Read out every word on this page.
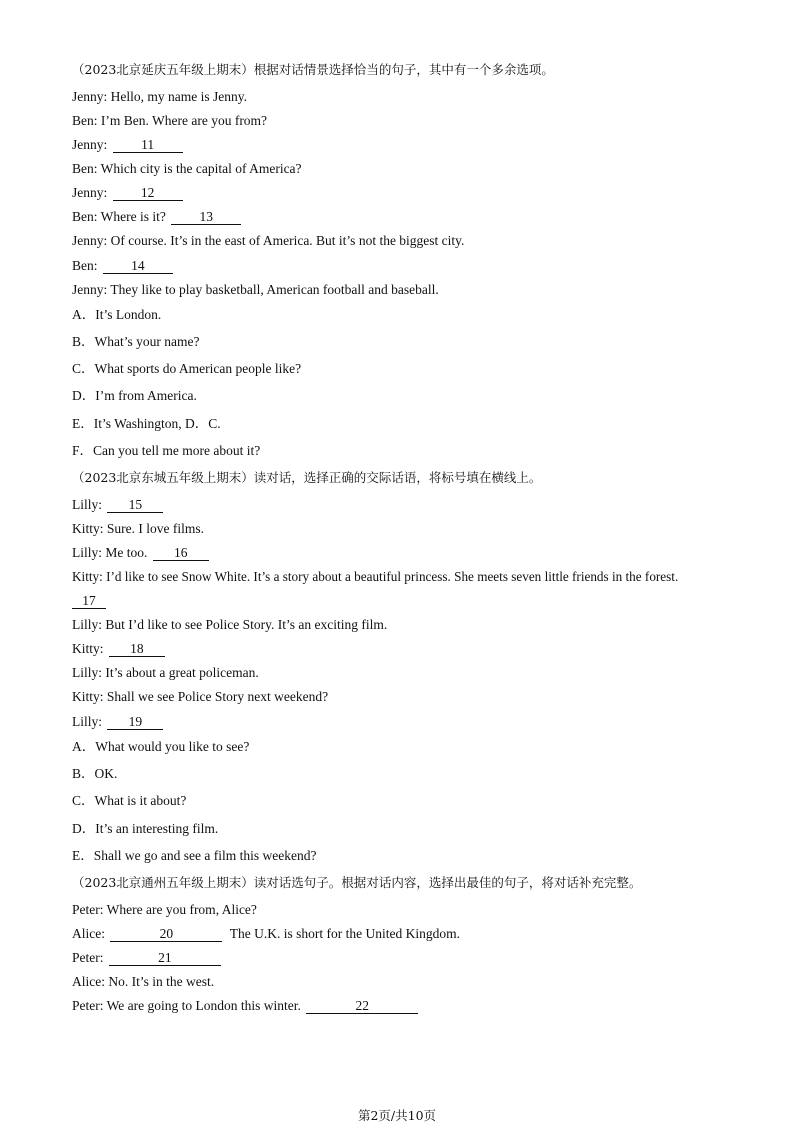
（2023北京延庆五年级上期末）根据对话情景选择恰当的句子，其中有一个多余选项。
Jenny: Hello, my name is Jenny.
Ben: I’m Ben. Where are you from?
Jenny:	11
Ben: Which city is the capital of America?
Jenny: 12
Ben: Where is it? 13
Jenny: Of course. It’s in the east of America. But it’s not the biggest city.
Ben: 14
Jenny: They like to play basketball, American football and baseball.
A．It’s London.
B．What’s your name?
C．What sports do American people like?
D．I’m from America.
E．It’s Washington, D．C.
F．Can you tell me more about it?
（2023北京东城五年级上期末）读对话，选择正确的交际话语，将标号填在横线上。
Lilly: 15
Kitty: Sure. I love films.
Lilly: Me too. 16
Kitty: I’d like to see Snow White. It’s a story about a beautiful princess. She meets seven little friends in the forest.
17
Lilly: But I’d like to see Police Story. It’s an exciting film.
Kitty: 18
Lilly: It’s about a great policeman.
Kitty: Shall we see Police Story next weekend?
Lilly: 19
A．What would you like to see?
B．OK.
C．What is it about?
D．It’s an interesting film.
E．Shall we go and see a film this weekend?
（2023北京通州五年级上期末）读对话选句子。根据对话内容，选择出最佳的句子，将对话补充完整。
Peter: Where are you from, Alice?
Alice:	20	The U.K. is short for the United Kingdom.
Peter:	21
Alice: No. It’s in the west.
Peter: We are going to London this winter.	22
第2页/共10页
